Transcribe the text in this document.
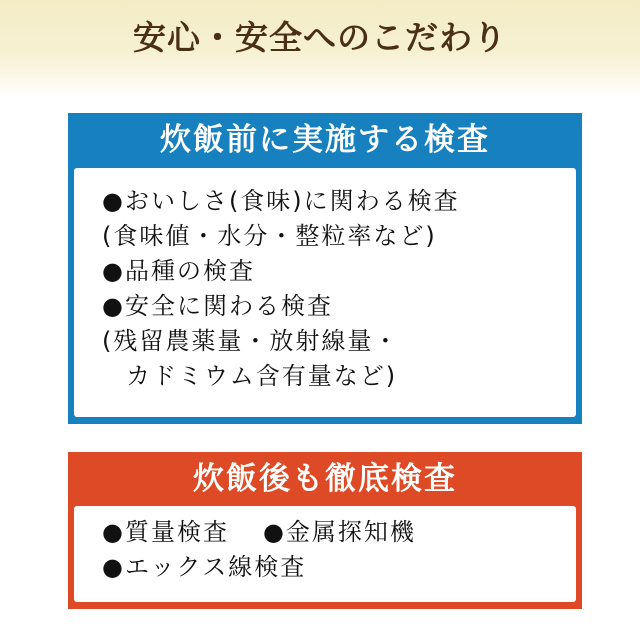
安心・安全へのこだわり
炊飯前に実施する検査
●おいしさ(食味)に関わる検査
(食味値・水分・整粒率など)
●品種の検査
●安全に関わる検査
(残留農薬量・放射線量・
カドミウム含有量など)
炊飯後も徹底検査
●質量検査 ●金属探知機
●エックス線検査
